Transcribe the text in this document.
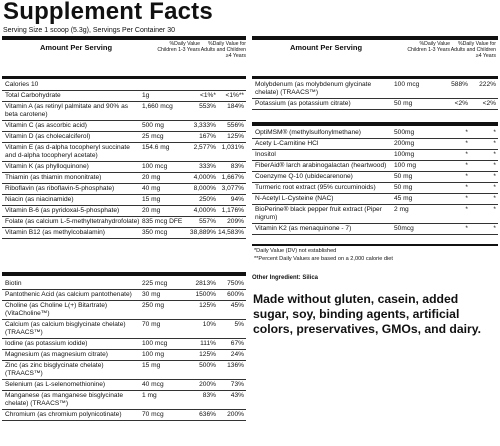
Supplement Facts
Serving Size 1 scoop (5.3g), Servings Per Container 30
Amount Per Serving	%Daily Value Children 1-3 Years
%Daily Value for Adults and Children ≥4 Years
Calories 10			
Total Carbohydrate	1g	<1%*	<1%**
Vitamin A (as retinyl palmitate and 90% as beta carotene)	1,660 mcg	553%	184%
Vitamin C (as ascorbic acid)	500 mg	3,333%	556%
Vitamin D (as cholecalciferol)	25 mcg	167%	125%
Vitamin E (as d-alpha tocopheryl succinate and d-alpha tocopheryl acetate)	154.6 mg	2,577%	1,031%
Vitamin K (as phylloquinone)	100 mcg	333%	83%
Thiamin (as thiamin mononitrate)	20 mg	4,000%	1,667%
Riboflavin (as riboflavin-5-phosphate)	40 mg	8,000%	3,077%
Niacin (as niacinamide)	15 mg	250%	94%
Vitamin B-6 (as pyridoxal-5-phosphate)	20 mg	4,000%	1,176%
Folate (as calcium L-5-methyltetrahydrofolate)	835 mcg DFE	557%	209%
Vitamin B12 (as methylcobalamin)	350 mcg	38,889%	14,583%
Biotin	225 mcg	2813%	750%
Pantothenic Acid (as calcium pantothenate)	30 mg	1500%	600%
Choline (as Choline L(+) Bitartrate) (VitaCholine™)	250 mg	125%	45%
Calcium (as calcium bisglycinate chelate) (TRAACS™)	70 mg	10%	5%
Iodine (as potassium iodide)	100 mcg	111%	67%
Magnesium (as magnesium citrate)	100 mg	125%	24%
Zinc (as zinc bisglycinate chelate) (TRAACS™)	15 mg	500%	136%
Selenium (as L-selenomethionine)	40 mcg	200%	73%
Manganese (as manganese bisglycinate chelate) (TRAACS™)	1 mg	83%	43%
Chromium (as chromium polynicotinate)	70 mcg	636%	200%
Amount Per Serving	%Daily Value Children 1-3 Years
%Daily Value for Adults and Children ≥4 Years
Molybdenum (as molybdenum glycinate chelate) (TRAACS™)	100 mcg	588%	222%
Potassium (as potassium citrate)	50 mg	<2%	<2%
OptiMSM® (methylsulfonylmethane)	500mg	*	*
Acety L-Carnitine HCl	200mg	*	*
Inositol	100mg	*	*
FiberAid® larch arabinogalactan (heartwood)	100 mg	*	*
Coenzyme Q-10 (ubidecarenone)	50 mg	*	*
Turmeric root extract (95% curcuminoids)	50 mg	*	*
N-Acetyl L-Cysteine (NAC)	45 mg	*	*
BioPerine® black pepper fruit extract (Piper nigrum)	2 mg	*	*
Vitamin K2 (as menaquinone - 7)	50mcg	*	*
*Daily Value (DV) not established
**Percent Daily Values are based on a 2,000 calorie diet
Other Ingredient: Silica

Made without gluten, casein, added sugar, soy, binding agents, artificial colors, preservatives, GMOs, and dairy.
